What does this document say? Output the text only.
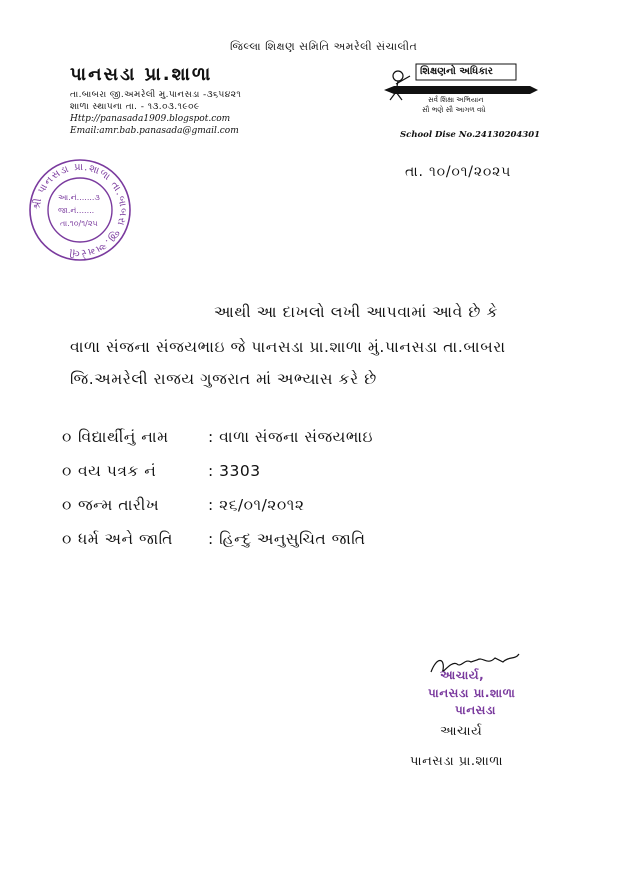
જિલ્લા શિક્ષણ સમિતિ અમરેલી સંચાલીત
પાનસડા પ્રા.શાળા
તા.બાબરા જી.અમરેલી મુ.પાનસડા -૩૬૫૪૨૧
શાળા સ્થાપના તા. - ૧૩.૦૩.૧૯૦૯
Http://panasada1909.blogspot.com
Email:amr.bab.panasada@gmail.com
શિક્ષણનો અધિકાર
સર્વ શિક્ષા અભિયાન
સૌ ભણે સૌ આગળ વધે
School Dise No.24130204301
તા. ૧૦/૦૧/૨૦૨૫
શ્રી પાનસડા પ્રા.શાળા તા.બાબરા જી.અમરેલી
આ.નં.......૩
જા.નં.......
તા.૧૦/૧/૨૫
આથી આ દાખલો લખી આપવામાં આવે છે કે
વાળા સંજના સંજયભાઇ જે પાનસડા પ્રા.શાળા મું.પાનસડા તા.બાબરા
જિ.અમરેલી રાજય ગુજરાત માં અભ્યાસ કરે છે
૦ વિદ્યાર્થીનું નામ	: વાળા સંજના સંજયભાઇ
૦ વય પત્રક નં	: 3303
૦ જન્મ તારીખ	: ૨૬/૦૧/૨૦૧૨
૦ ધર્મ અને જાતિ : હિન્દુ અનુસુચિત જાતિ
આચાર્ય,
પાનસડા પ્રા.શાળા
પાનસડા
આચાર્ય
પાનસડા પ્રા.શાળા
